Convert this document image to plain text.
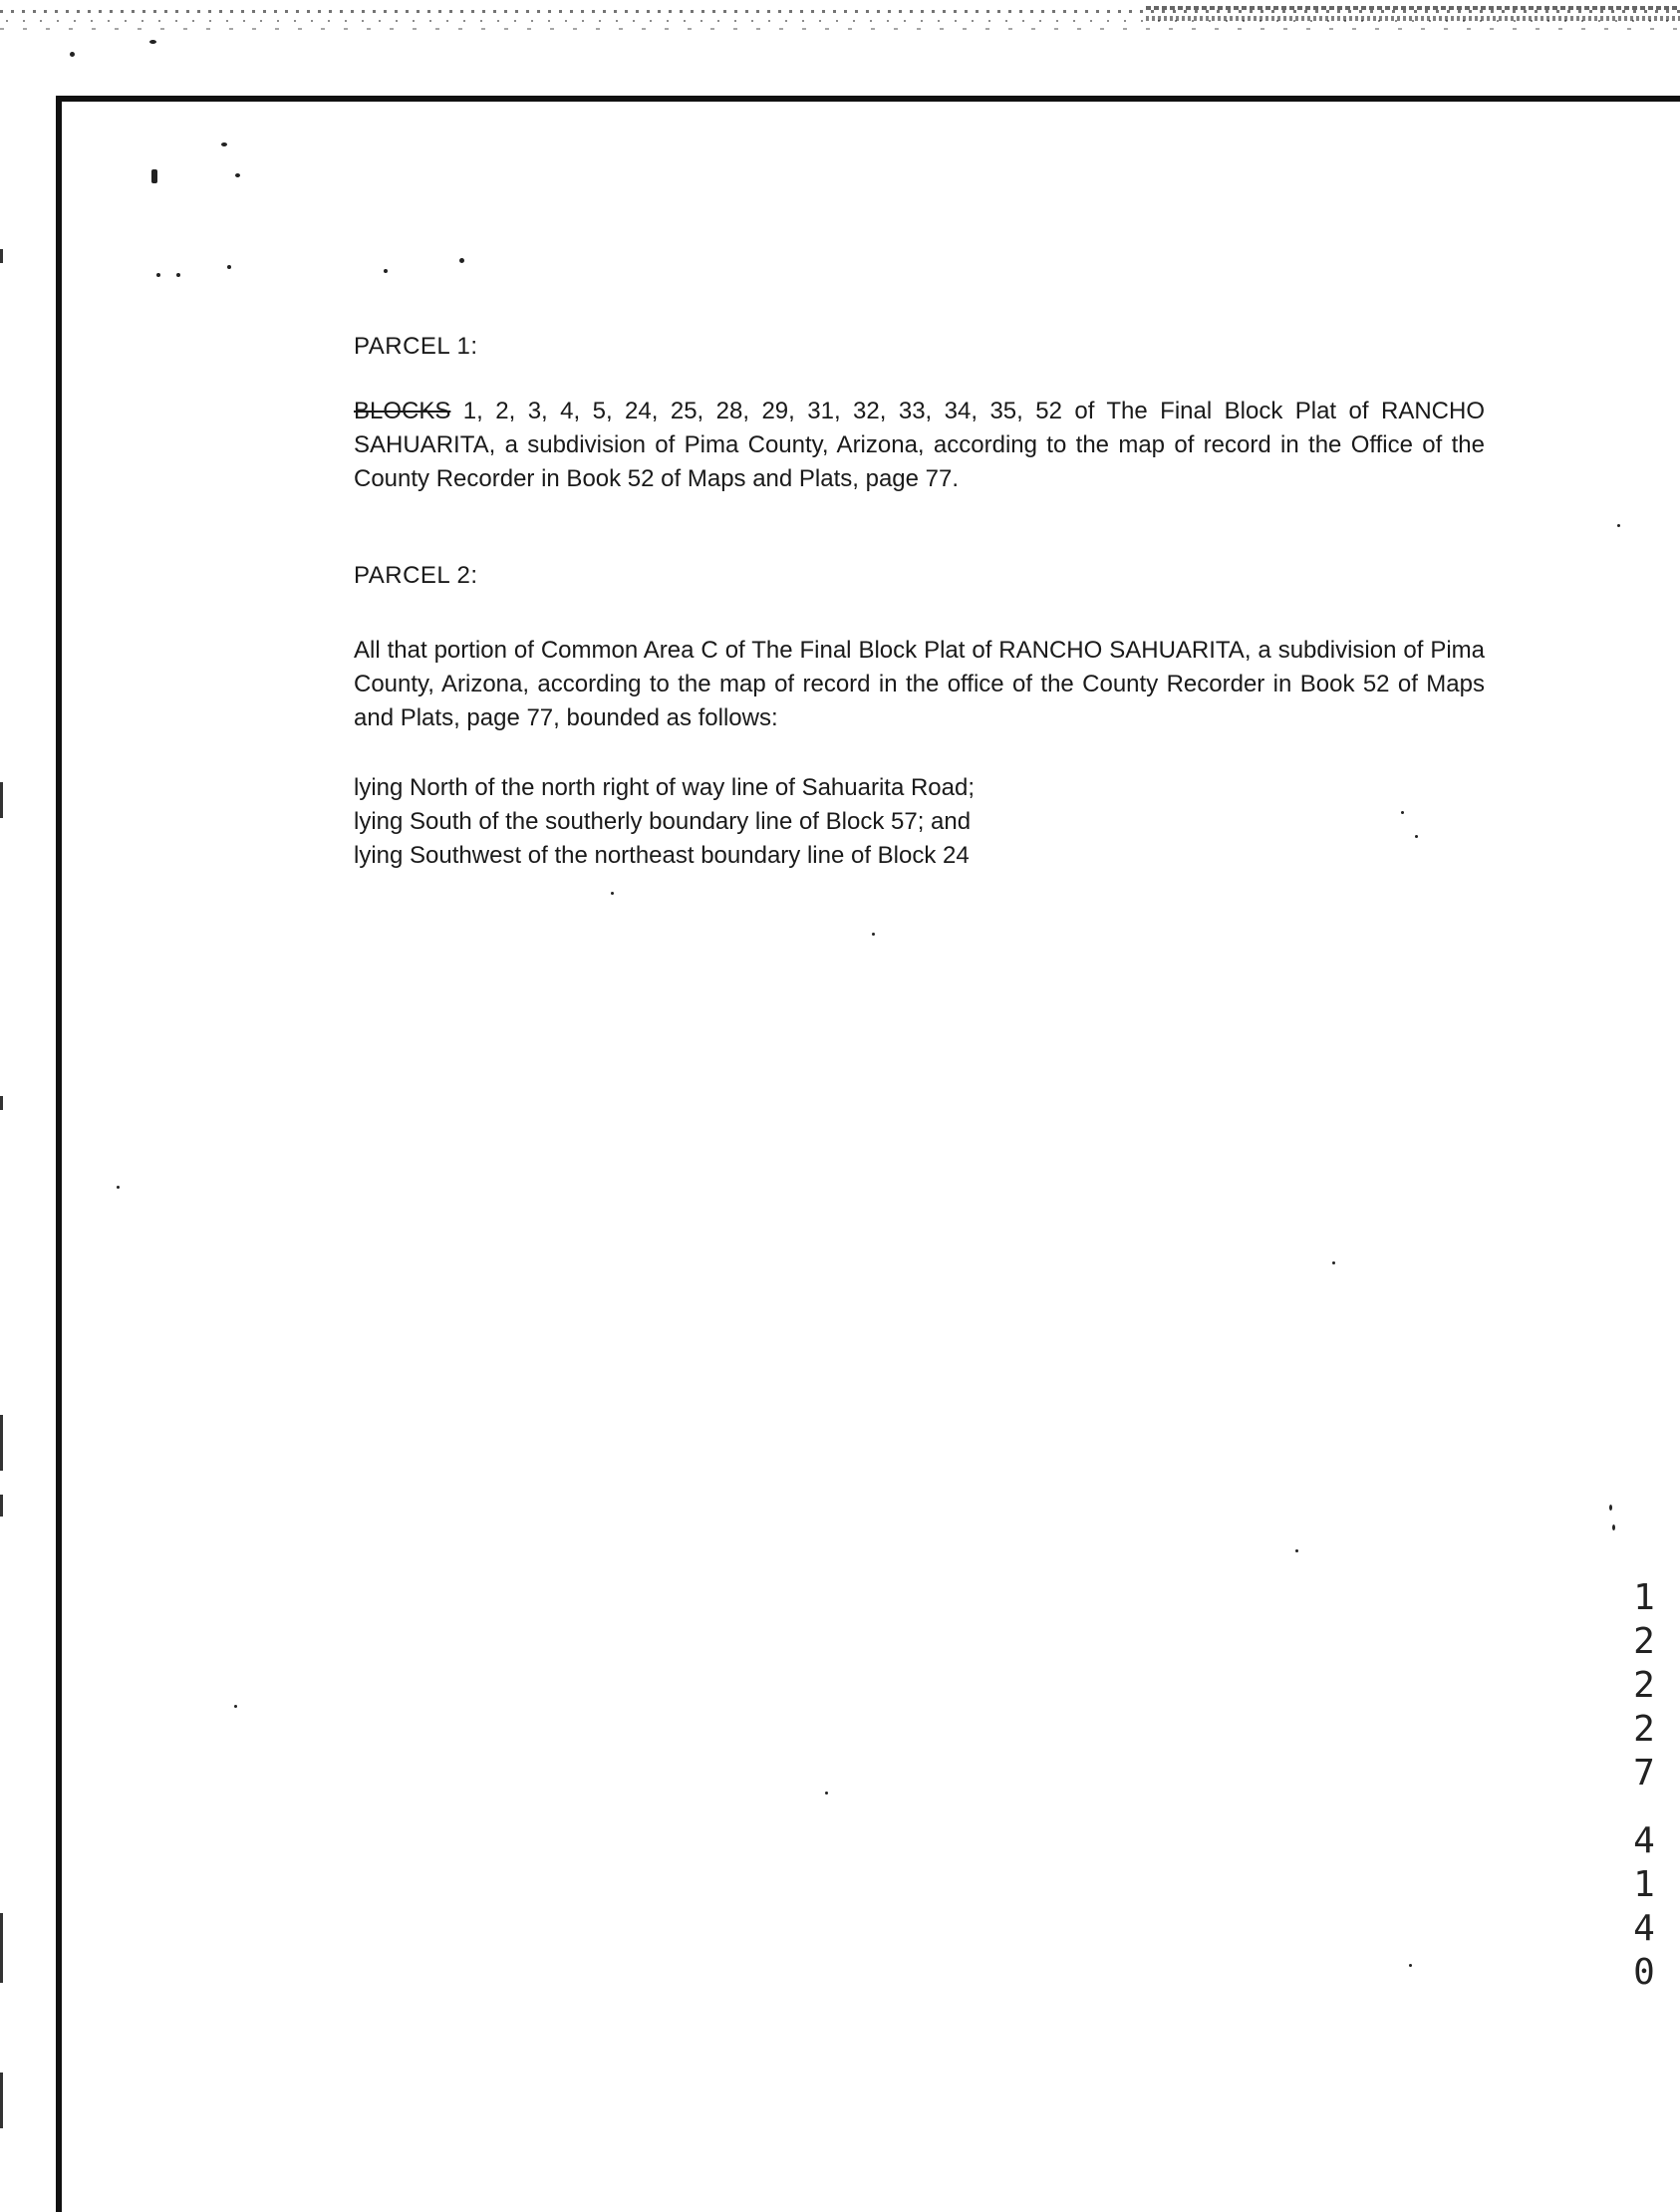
PARCEL 1:

BLOCKS 1, 2, 3, 4, 5, 24, 25, 28, 29, 31, 32, 33, 34, 35, 52 of The Final Block Plat of RANCHO SAHUARITA, a subdivision of Pima County, Arizona, according to the map of record in the Office of the County Recorder in Book 52 of Maps and Plats, page 77.

PARCEL 2:

All that portion of Common Area C of The Final Block Plat of RANCHO SAHUARITA, a subdivision of Pima County, Arizona, according to the map of record in the office of the County Recorder in Book 52 of Maps and Plats, page 77, bounded as follows:

lying North of the north right of way line of Sahuarita Road;

lying South of the southerly boundary line of Block 57; and

lying Southwest of the northeast boundary line of Block 24

1
2
2
2
7
4
1
4
0
